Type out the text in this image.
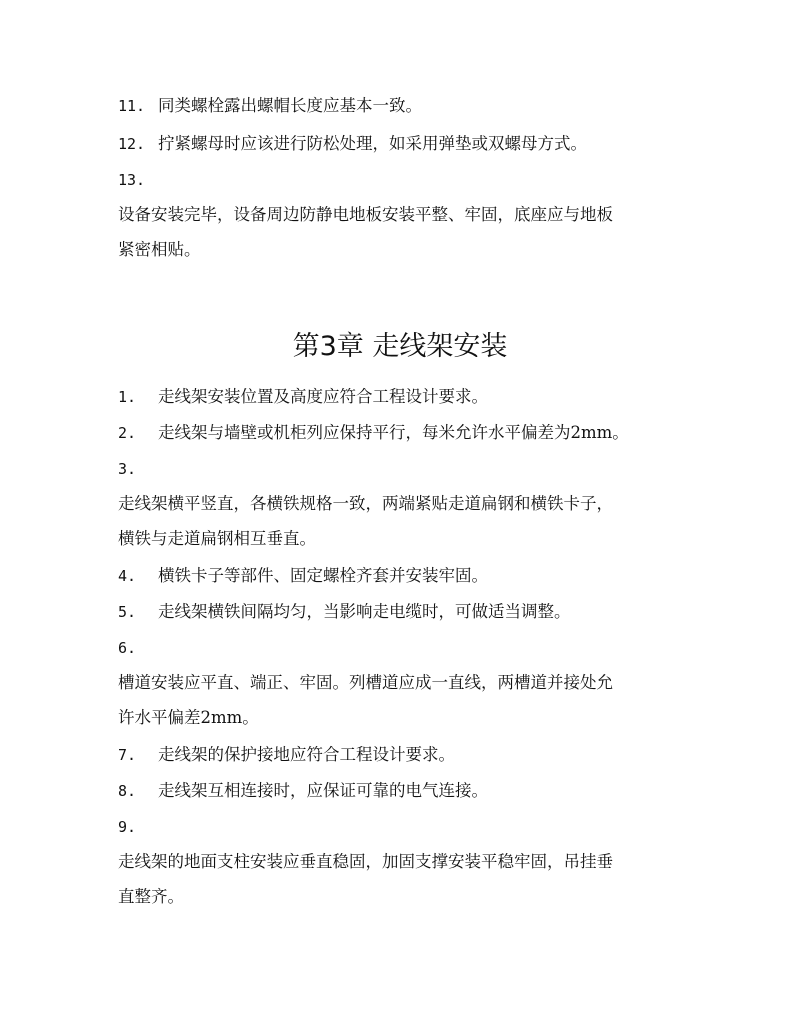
11. 同类螺栓露出螺帽长度应基本一致。
12. 拧紧螺母时应该进行防松处理，如采用弹垫或双螺母方式。
13.
设备安装完毕，设备周边防静电地板安装平整、牢固，底座应与地板
紧密相贴。
第3章 走线架安装
1. 走线架安装位置及高度应符合工程设计要求。
2. 走线架与墙壁或机柜列应保持平行，每米允许水平偏差为2mm。
3.
走线架横平竖直，各横铁规格一致，两端紧贴走道扁钢和横铁卡子，
横铁与走道扁钢相互垂直。
4. 横铁卡子等部件、固定螺栓齐套并安装牢固。
5. 走线架横铁间隔均匀，当影响走电缆时，可做适当调整。
6.
槽道安装应平直、端正、牢固。列槽道应成一直线，两槽道并接处允
许水平偏差2mm。
7. 走线架的保护接地应符合工程设计要求。
8. 走线架互相连接时，应保证可靠的电气连接。
9.
走线架的地面支柱安装应垂直稳固，加固支撑安装平稳牢固，吊挂垂
直整齐。
